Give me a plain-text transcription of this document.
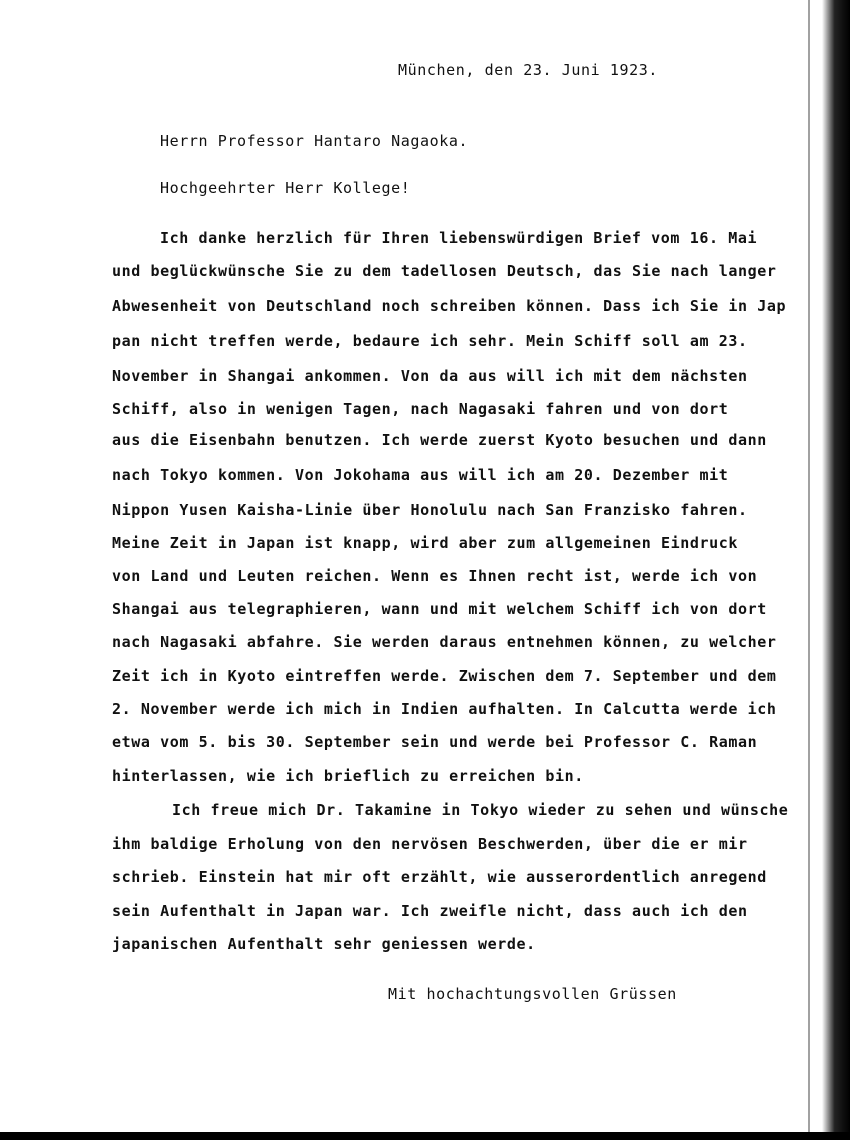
München, den 23. Juni 1923.
Herrn Professor Hantaro Nagaoka.
Hochgeehrter Herr Kollege!
Ich danke herzlich für Ihren liebenswürdigen Brief vom 16. Mai
und beglückwünsche Sie zu dem tadellosen Deutsch, das Sie nach langer
Abwesenheit von Deutschland noch schreiben können. Dass ich Sie in Jap
pan nicht treffen werde, bedaure ich sehr. Mein Schiff soll am 23.
November in Shangai ankommen. Von da aus will ich mit dem nächsten
Schiff, also in wenigen Tagen, nach Nagasaki fahren und von dort
aus die Eisenbahn benutzen. Ich werde zuerst Kyoto besuchen und dann
nach Tokyo kommen. Von Jokohama aus will ich am 20. Dezember mit
Nippon Yusen Kaisha-Linie über Honolulu nach San Franzisko fahren.
Meine Zeit in Japan ist knapp, wird aber zum allgemeinen Eindruck
von Land und Leuten reichen. Wenn es Ihnen recht ist, werde ich von
Shangai aus telegraphieren, wann und mit welchem Schiff ich von dort
nach Nagasaki abfahre. Sie werden daraus entnehmen können, zu welcher
Zeit ich in Kyoto eintreffen werde. Zwischen dem 7. September und dem
2. November werde ich mich in Indien aufhalten. In Calcutta werde ich
etwa vom 5. bis 30. September sein und werde bei Professor C. Raman
hinterlassen, wie ich brieflich zu erreichen bin.
Ich freue mich Dr. Takamine in Tokyo wieder zu sehen und wünsche
ihm baldige Erholung von den nervösen Beschwerden, über die er mir
schrieb. Einstein hat mir oft erzählt, wie ausserordentlich anregend
sein Aufenthalt in Japan war. Ich zweifle nicht, dass auch ich den
japanischen Aufenthalt sehr geniessen werde.
Mit hochachtungsvollen Grüssen
